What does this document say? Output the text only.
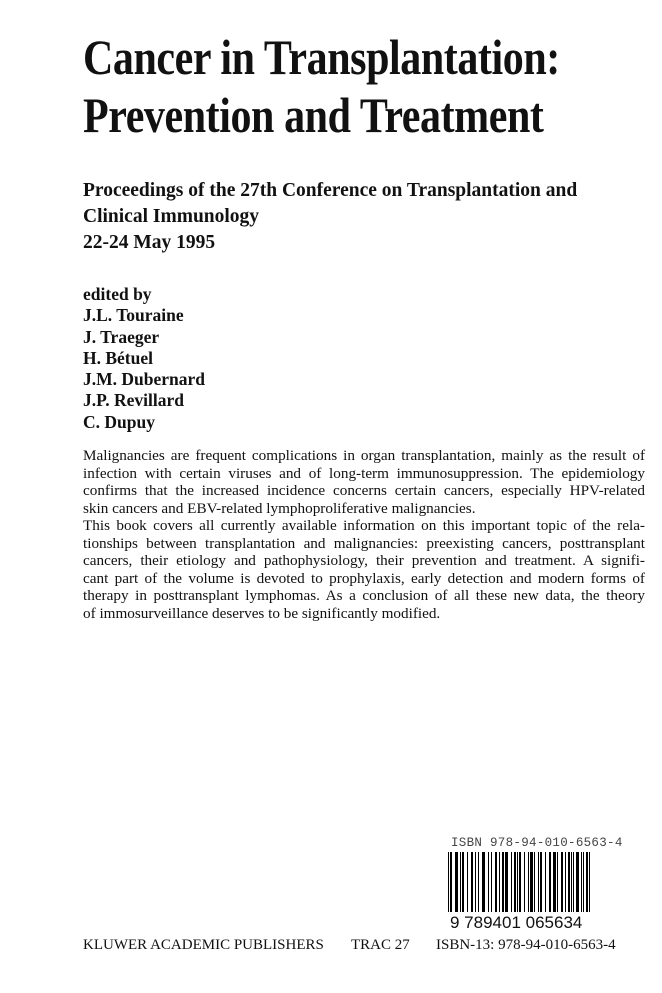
Cancer in Transplantation:
Prevention and Treatment
Proceedings of the 27th Conference on Transplantation and
Clinical Immunology
22-24 May 1995
edited by
J.L. Touraine
J. Traeger
H. Bétuel
J.M. Dubernard
J.P. Revillard
C. Dupuy
Malignancies are frequent complications in organ transplantation, mainly as the result of
infection with certain viruses and of long-term immunosuppression. The epidemiology
confirms that the increased incidence concerns certain cancers, especially HPV-related
skin cancers and EBV-related lymphoproliferative malignancies.
This book covers all currently available information on this important topic of the rela-
tionships between transplantation and malignancies: preexisting cancers, posttransplant
cancers, their etiology and pathophysiology, their prevention and treatment. A signifi-
cant part of the volume is devoted to prophylaxis, early detection and modern forms of
therapy in posttransplant lymphomas. As a conclusion of all these new data, the theory
of immosurveillance deserves to be significantly modified.
ISBN 978-94-010-6563-4
9 789401 065634
KLUWER ACADEMIC PUBLISHERS TRAC 27 ISBN-13: 978-94-010-6563-4
